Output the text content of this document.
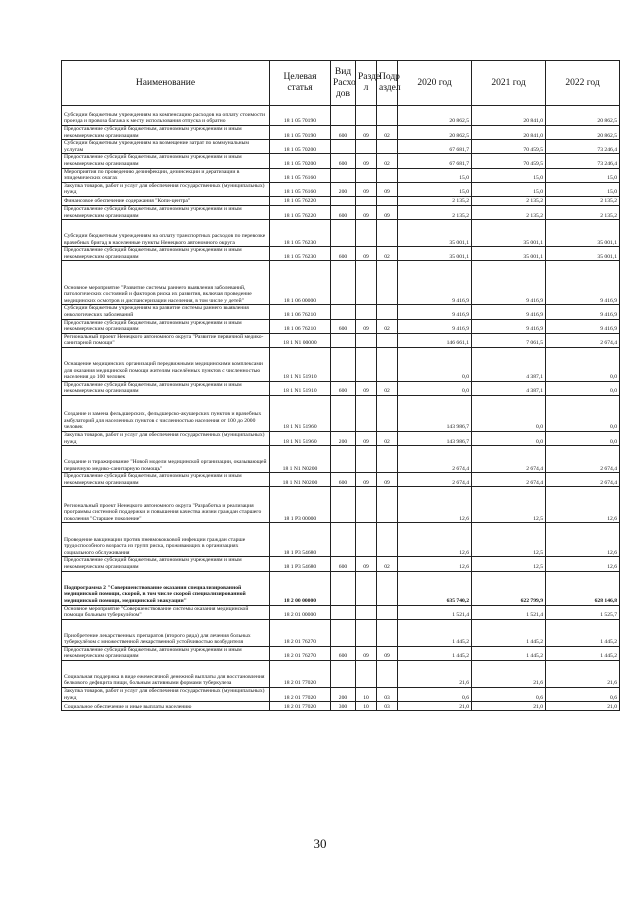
Наименование	Целевая статья	Вид Расхо дов	Разде л	Подр аздел	2020 год	2021 год	2022 год
Субсидии бюджетным учреждениям на компенсацию расходов на оплату стоимости проезда и провоза багажа к месту использования отпуска и обратно	18 1 05 70190				20 862,5	20 841,0	20 862,5
Предоставление субсидий бюджетным, автономным учреждениям и иным некоммерческим организациям	18 1 05 70190	600	09	02	20 862,5	20 841,0	20 862,5
Субсидии бюджетным учреждениям на возмещение затрат по коммунальным услугам	18 1 05 70200				67 681,7	70 459,5	73 246,4
Предоставление субсидий бюджетным, автономным учреждениям и иным некоммерческим организациям	18 1 05 70200	600	09	02	67 681,7	70 459,5	73 246,4
Мероприятия по проведению дезинфекции, дезинсекции и дератизации в эпидемических очагах	18 1 05 76160				15,0	15,0	15,0
Закупка товаров, работ и услуг для обеспечения государственных (муниципальных) нужд	18 1 05 76160	200	09	09	15,0	15,0	15,0
Финансовое обеспечение содержания "Копи-центра"	18 1 05 76220				2 135,2	2 135,2	2 135,2
Предоставление субсидий бюджетным, автономным учреждениям и иным некоммерческим организациям	18 1 05 76220	600	09	09	2 135,2	2 135,2	2 135,2
Субсидии бюджетным учреждениям на оплату транспортных расходов по перевозке врачебных бригад в населенные пункты Ненецкого автономного округа	18 1 05 76230				35 001,1	35 001,1	35 001,1
Предоставление субсидий бюджетным, автономным учреждениям и иным некоммерческим организациям	18 1 05 76230	600	09	02	35 001,1	35 001,1	35 001,1
Основное мероприятие "Развитие системы раннего выявления заболеваний, патологических состояний и факторов риска их развития, включая проведение медицинских осмотров и диспансеризации населения, в том числе у детей"	18 1 06 00000				9 416,9	9 416,9	9 416,9
Субсидии бюджетным учреждениям на развитие системы раннего выявления онкологических заболеваний	18 1 06 76210				9 416,9	9 416,9	9 416,9
Предоставление субсидий бюджетным, автономным учреждениям и иным некоммерческим организациям	18 1 06 76210	600	09	02	9 416,9	9 416,9	9 416,9
Региональный проект Ненецкого автономного округа "Развитие первичной медико-санитарной помощи"	18 1 N1 00000				146 661,1	7 061,5	2 674,4
Оснащение медицинских организаций передвижными медицинскими комплексами для оказания медицинской помощи жителям населённых пунктов с численностью населения до 100 человек	18 1 N1 51910				0,0	4 387,1	0,0
Предоставление субсидий бюджетным, автономным учреждениям и иным некоммерческим организациям	18 1 N1 51910	600	09	02	0,0	4 387,1	0,0
Создание и замена фельдшерских, фельдшерско-акушерских пунктов и врачебных амбулаторий для населенных пунктов с численностью населения от 100 до 2000 человек	18 1 N1 51960				143 986,7	0,0	0,0
Закупка товаров, работ и услуг для обеспечения государственных (муниципальных) нужд	18 1 N1 51960	200	09	02	143 986,7	0,0	0,0
Создание и тиражирование "Новой модели медицинской организации, оказывающей первичную медико-санитарную помощь"	18 1 N1 N0200				2 674,4	2 674,4	2 674,4
Предоставление субсидий бюджетным, автономным учреждениям и иным некоммерческим организациям	18 1 N1 N0200	600	09	09	2 674,4	2 674,4	2 674,4
Региональный проект Ненецкого автономного округа "Разработка и реализация программы системной поддержки и повышения качества жизни граждан старшего поколения "Старшее поколение"	18 1 P3 00000				12,6	12,5	12,6
Проведение вакцинации против пневмококковой инфекции граждан старше трудоспособного возраста из групп риска, проживающих в организациях социального обслуживания	18 1 P3 54680				12,6	12,5	12,6
Предоставление субсидий бюджетным, автономным учреждениям и иным некоммерческим организациям	18 1 P3 54680	600	09	02	12,6	12,5	12,6
Подпрограмма 2 "Совершенствование оказания специализированной медицинской помощи, скорой, в том числе скорой специализированной медицинской помощи, медицинской эвакуации"	18 2 00 00000				635 740,2	622 799,9	628 146,8
Основное мероприятие "Совершенствование системы оказания медицинской помощи больным туберкулёзом"	18 2 01 00000				1 521,4	1 521,4	1 525,7
Приобретение лекарственных препаратов (второго ряда) для лечения больных туберкулёзом с множественной лекарственной устойчивостью возбудителя	18 2 01 76270				1 445,2	1 445,2	1 445,2
Предоставление субсидий бюджетным, автономным учреждениям и иным некоммерческим организациям	18 2 01 76270	600	09	09	1 445,2	1 445,2	1 445,2
Социальная поддержка в виде ежемесячной денежной выплаты для восстановления белкового дефицита пищи, больным активными формами туберкулеза	18 2 01 77020				21,6	21,6	21,6
Закупка товаров, работ и услуг для обеспечения государственных (муниципальных) нужд	18 2 01 77020	200	10	03	0,6	0,6	0,6
Социальное обеспечение и иные выплаты населению	18 2 01 77020	300	10	03	21,0	21,0	21,0
30
